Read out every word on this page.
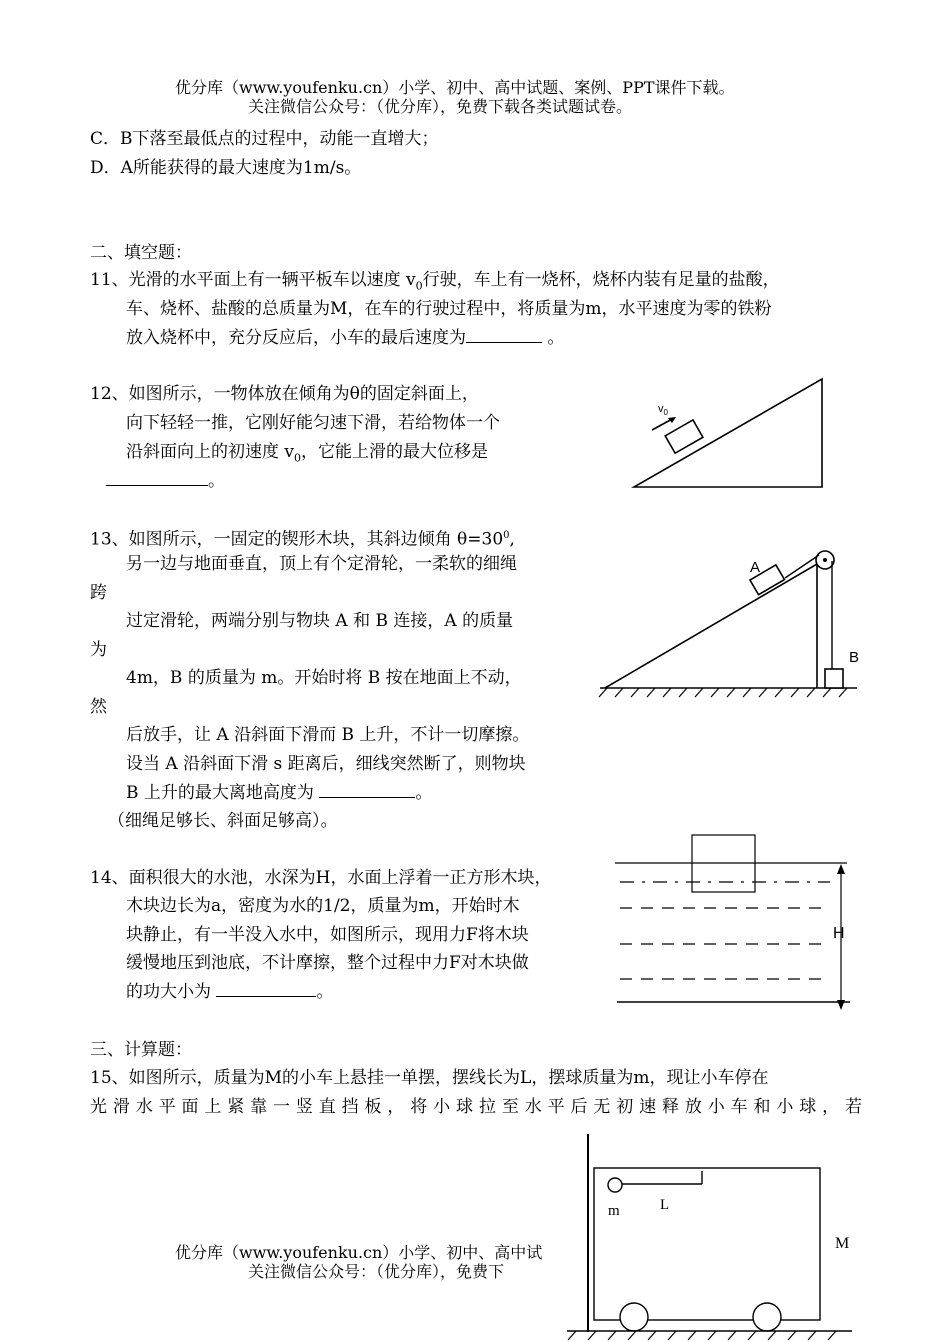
优分库（www.youfenku.cn）小学、初中、高中试题、案例、PPT课件下载。
关注微信公众号：（优分库），免费下载各类试题试卷。
C．B下落至最低点的过程中，动能一直增大；
D．A所能获得的最大速度为1m/s。
二、填空题：
11、光滑的水平面上有一辆平板车以速度 $v_0$行驶，车上有一烧杯，烧杯内装有足量的盐酸，
车、烧杯、盐酸的总质量为M，在车的行驶过程中，将质量为m，水平速度为零的铁粉
放入烧杯中，充分反应后，小车的最后速度为	。
12、如图所示，一物体放在倾角为θ的固定斜面上，
向下轻轻一推，它刚好能匀速下滑，若给物体一个
沿斜面向上的初速度 $v_0$，它能上滑的最大位移是
。
$v_0$
13、如图所示，一固定的锲形木块，其斜边倾角 $\theta=30^0$,
另一边与地面垂直，顶上有个定滑轮，一柔软的细绳
跨
过定滑轮，两端分别与物块 A 和 B 连接，A 的质量
为
4m，B 的质量为 m。开始时将 B 按在地面上不动，
然
后放手，让 A 沿斜面下滑而 B 上升，不计一切摩擦。
设当 A 沿斜面下滑 s 距离后，细线突然断了，则物块
B 上升的最大离地高度为	。
（细绳足够长、斜面足够高）。
A
B
14、面积很大的水池，水深为H，水面上浮着一正方形木块，
木块边长为a，密度为水的1/2，质量为m，开始时木
块静止，有一半没入水中，如图所示，现用力F将木块
缓慢地压到池底，不计摩擦，整个过程中力F对木块做
的功大小为	。
H
三、计算题：
15、如图所示，质量为M的小车上悬挂一单摆，摆线长为L，摆球质量为m，现让小车停在
光滑水平面上紧靠一竖直挡板，将小球拉至水平后无初速释放小车和小球，若
优分库（www.youfenku.cn）小学、初中、高中试
关注微信公众号：（优分库），免费下
m	L
M
